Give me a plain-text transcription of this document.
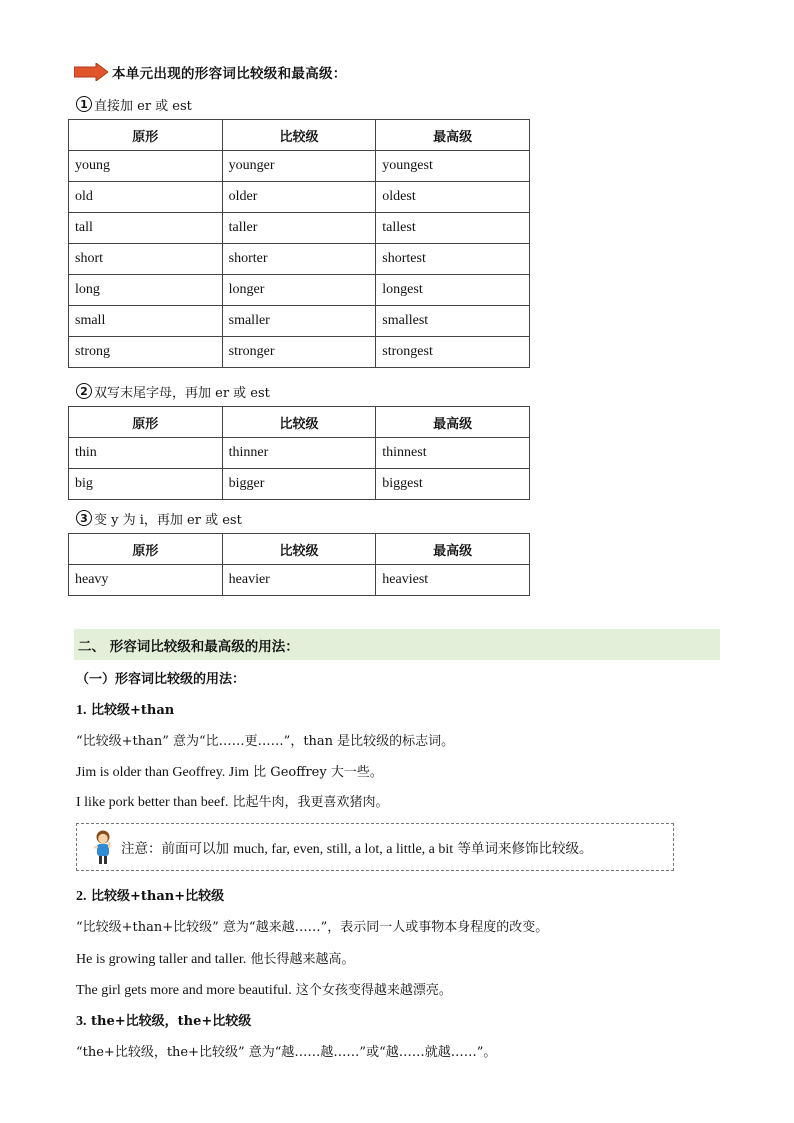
本单元出现的形容词比较级和最高级：
1 直接加 er 或 est
原形	比较级	最高级
young	younger	youngest
old	older	oldest
tall	taller	tallest
short	shorter	shortest
long	longer	longest
small	smaller	smallest
strong	stronger	strongest
2 双写末尾字母，再加 er 或 est
原形	比较级	最高级
thin	thinner	thinnest
big	bigger	biggest
3 变 y 为 i，再加 er 或 est
原形	比较级	最高级
heavy	heavier	heaviest
二、 形容词比较级和最高级的用法：
（一）形容词比较级的用法：
1. 比较级+than
“比较级+than” 意为“比……更……”，than 是比较级的标志词。
Jim is older than Geoffrey. Jim 比 Geoffrey 大一些。
I like pork better than beef. 比起牛肉，我更喜欢猪肉。
注意：前面可以加 much, far, even, still, a lot, a little, a bit 等单词来修饰比较级。
2. 比较级+than+比较级
“比较级+than+比较级” 意为“越来越……”，表示同一人或事物本身程度的改变。
He is growing taller and taller. 他长得越来越高。
The girl gets more and more beautiful. 这个女孩变得越来越漂亮。
3. the+比较级，the+比较级
“the+比较级，the+比较级” 意为“越……越……”或“越……就越……”。
